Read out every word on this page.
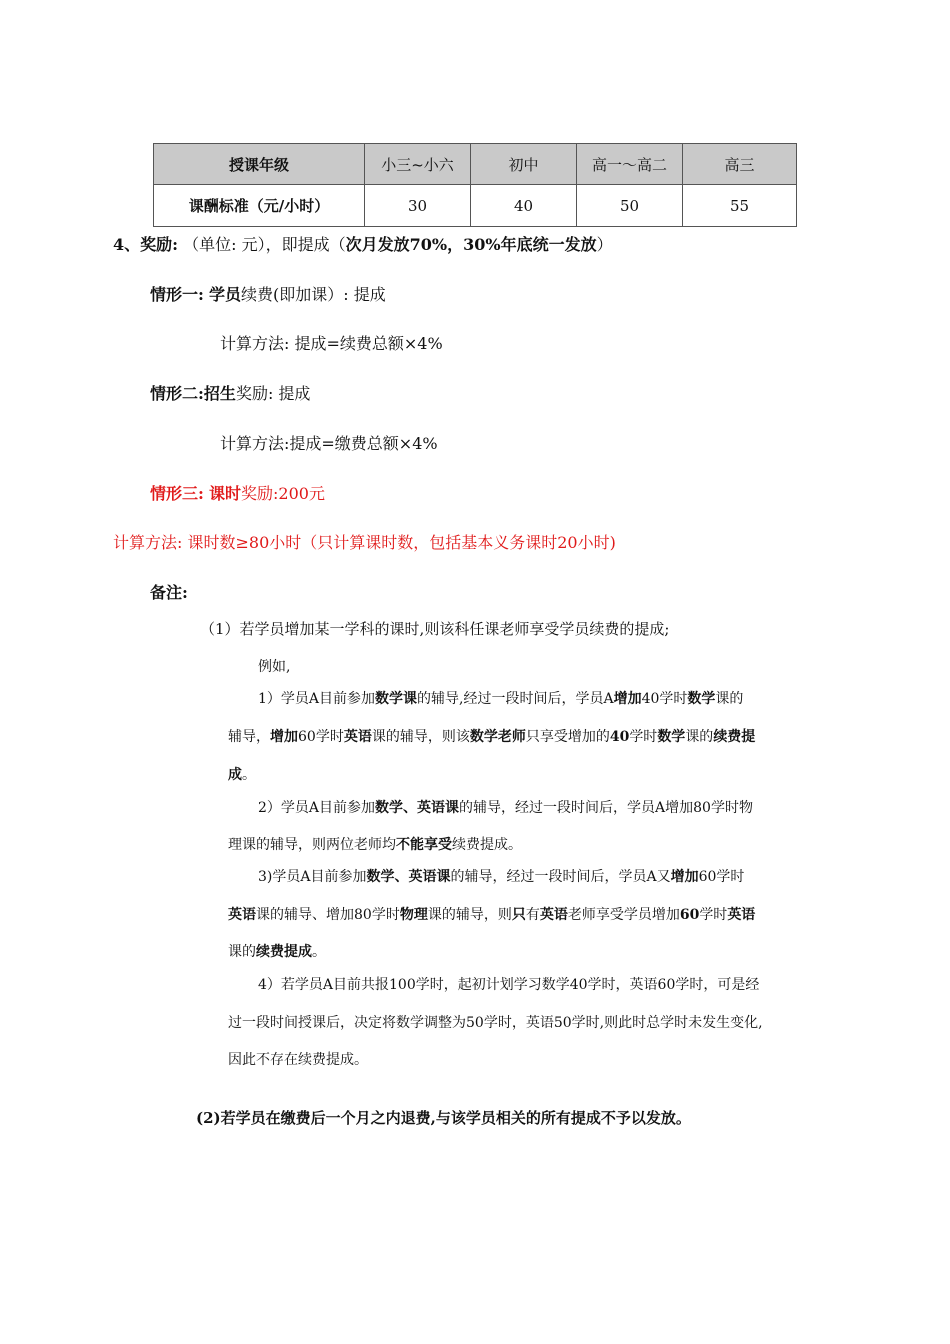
授课年级	小三~小六	初中	高一～高二	高三
课酬标准（元/小时）	30	40	50	55
4、奖励: （单位: 元），即提成（次月发放70%，30%年底统一发放）
情形一: 学员续费(即加课）: 提成
计算方法: 提成=续费总额×4%
情形二:招生奖励: 提成
计算方法:提成=缴费总额×4%
情形三: 课时奖励:200元
计算方法: 课时数≥80小时（只计算课时数，包括基本义务课时20小时)
备注:
（1）若学员增加某一学科的课时,则该科任课老师享受学员续费的提成;
例如,
1）学员A目前参加数学课的辅导,经过一段时间后，学员A增加40学时数学课的
辅导，增加60学时英语课的辅导，则该数学老师只享受增加的40学时数学课的续费提
成。
2）学员A目前参加数学、英语课的辅导，经过一段时间后，学员A增加80学时物
理课的辅导，则两位老师均不能享受续费提成。
3)学员A目前参加数学、英语课的辅导，经过一段时间后，学员A又增加60学时
英语课的辅导、增加80学时物理课的辅导，则只有英语老师享受学员增加60学时英语
课的续费提成。
4）若学员A目前共报100学时，起初计划学习数学40学时，英语60学时，可是经
过一段时间授课后，决定将数学调整为50学时，英语50学时,则此时总学时未发生变化,
因此不存在续费提成。
(2)若学员在缴费后一个月之内退费,与该学员相关的所有提成不予以发放。
